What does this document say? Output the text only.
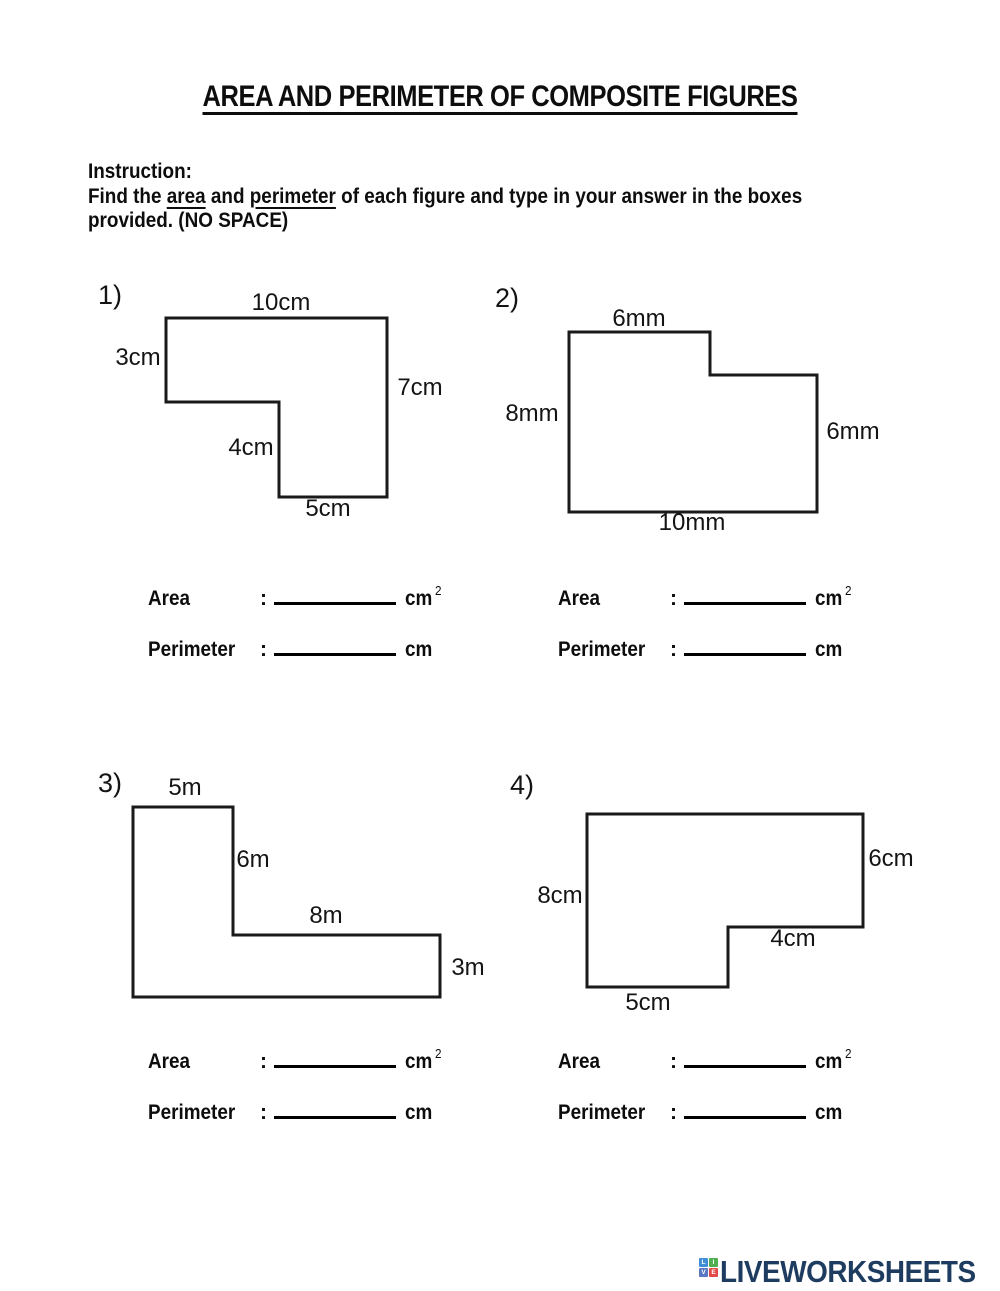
AREA AND PERIMETER OF COMPOSITE FIGURES
Instruction:
Find the area and perimeter of each figure and type in your answer in the boxes
provided. (NO SPACE)
1)	10cm
3cm
7cm
4cm
5cm
2)
6mm
8mm
6mm
10mm
Area	:	cm $^2$
Perimeter	:	cm
Area	:	cm $^2$
Perimeter	:	cm
3) 5m
6m
8m
3m
4)
8cm
6cm
4cm
5cm
Area	:	cm $^2$
Perimeter	:	cm
Area	:	cm $^2$
Perimeter	:	cm
L	I
V E LIVEWORKSHEETS
